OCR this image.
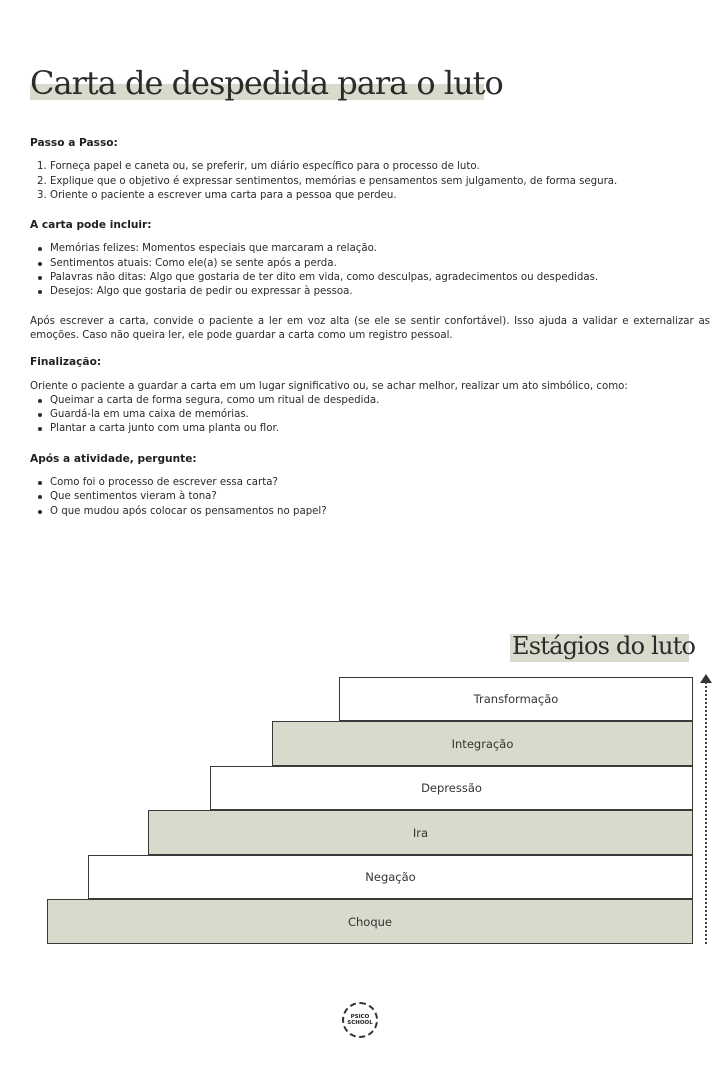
Carta de despedida para o luto
Passo a Passo:
1. Forneça papel e caneta ou, se preferir, um diário específico para o processo de luto.
2. Explique que o objetivo é expressar sentimentos, memórias e pensamentos sem julgamento, de forma segura.
3. Oriente o paciente a escrever uma carta para a pessoa que perdeu.
A carta pode incluir:
Memórias felizes: Momentos especiais que marcaram a relação.
Sentimentos atuais: Como ele(a) se sente após a perda.
Palavras não ditas: Algo que gostaria de ter dito em vida, como desculpas, agradecimentos ou despedidas.
Desejos: Algo que gostaria de pedir ou expressar à pessoa.

Após escrever a carta, convide o paciente a ler em voz alta (se ele se sentir confortável). Isso ajuda a validar e externalizar as emoções. Caso não queira ler, ele pode guardar a carta como um registro pessoal.

Finalização:

Oriente o paciente a guardar a carta em um lugar significativo ou, se achar melhor, realizar um ato simbólico, como:

Queimar a carta de forma segura, como um ritual de despedida.
Guardá-la em uma caixa de memórias.
Plantar a carta junto com uma planta ou flor.
Após a atividade, pergunte:
Como foi o processo de escrever essa carta?
Que sentimentos vieram à tona?
O que mudou após colocar os pensamentos no papel?
Estágios do luto
Transformação
Integração
Depressão
Ira
Negação
Choque
PSICO
SCHOOL
